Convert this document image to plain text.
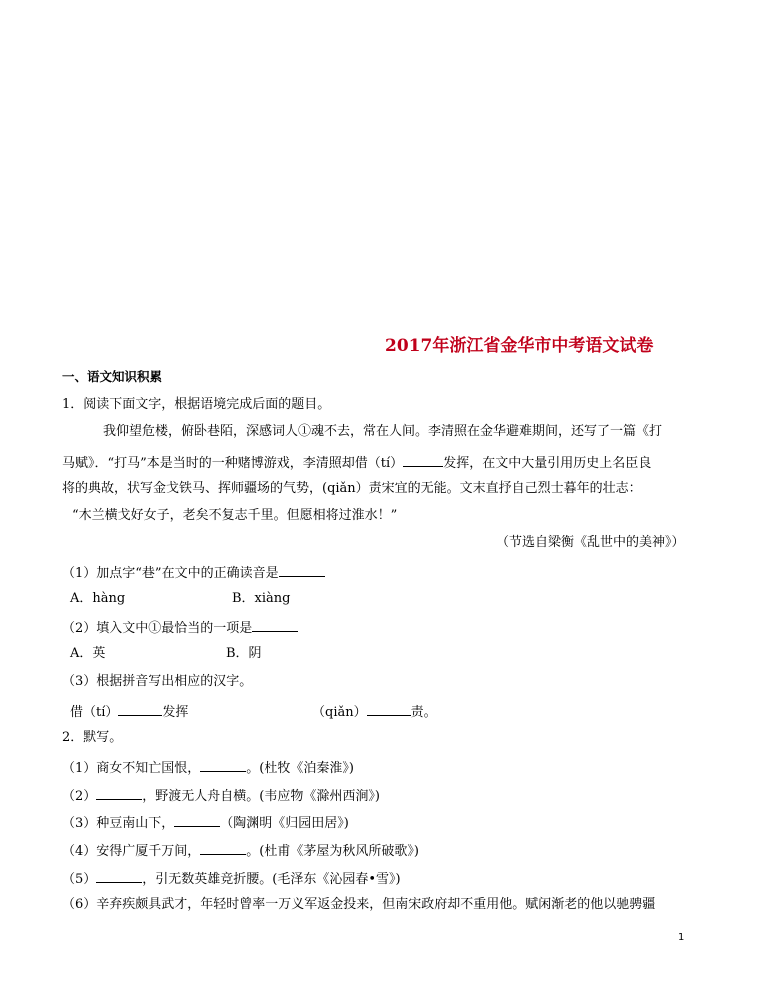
2017年浙江省金华市中考语文试卷
一、语文知识积累
1．阅读下面文字，根据语境完成后面的题目。
我仰望危楼，俯卧巷陌，深感词人①魂不去，常在人间。李清照在金华避难期间，还写了一篇《打
马赋》．“打马”本是当时的一种赌博游戏，李清照却借（tí）	发挥，在文中大量引用历史上名臣良
将的典故，状写金戈铁马、挥师疆场的气势，(qiǎn）责宋宜的无能。文末直抒自己烈士暮年的壮志：
“木兰横戈好女子，老矣不复志千里。但愿相将过淮水！”
（节选自梁衡《乱世中的美神》）
（1）加点字“巷”在文中的正确读音是
A．hàng	B．xiàng
（2）填入文中①最恰当的一项是
A．英	B．阴
（3）根据拼音写出相应的汉字。
借（tí）	发挥	（qiǎn）	责。
2．默写。
（1）商女不知亡国恨，	。(杜牧《泊秦淮》)
（2）	，野渡无人舟自横。(韦应物《滁州西涧》)
（3）种豆南山下，	（陶渊明《归园田居》)
（4）安得广厦千万间，	。(杜甫《茅屋为秋风所破歌》)
（5）	，引无数英雄竞折腰。(毛泽东《沁园春•雪》)
（6）辛弃疾颇具武才，年轻时曾率一万义军返金投来，但南宋政府却不重用他。赋闲渐老的他以驰骋疆
1
